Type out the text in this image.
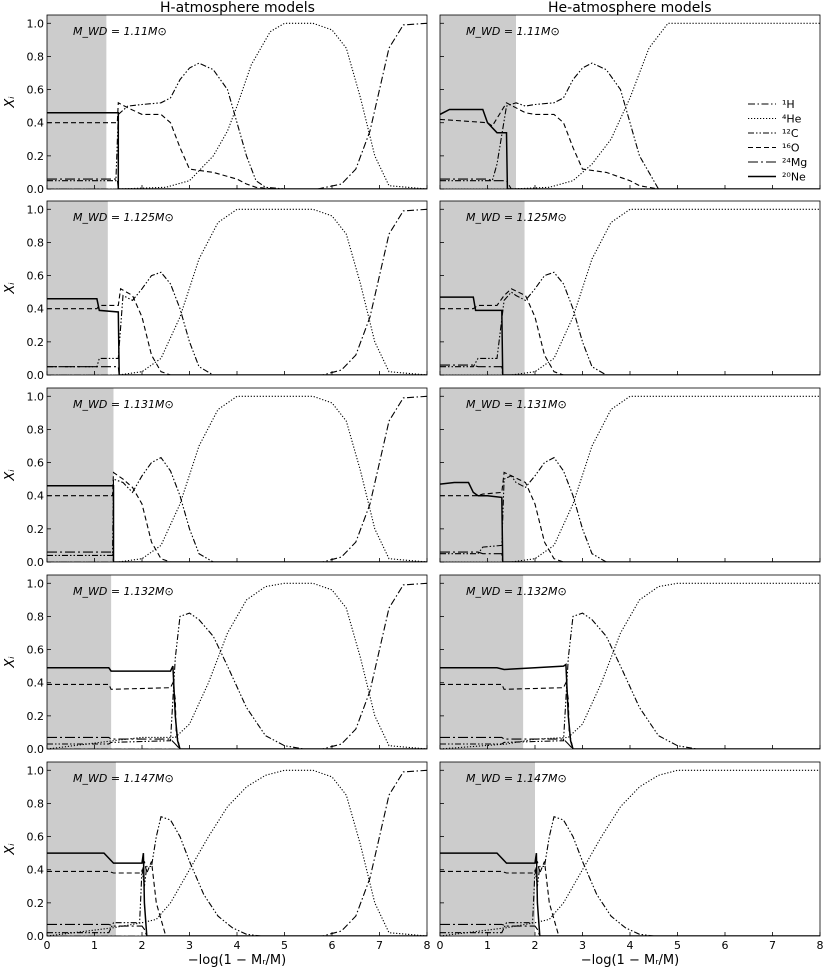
H-atmosphere models	He-atmosphere models
M_WD = 1.11M⊙
0.0
0.2
0.4
0.6
0.8
1.0
Xᵢ
M_WD = 1.11M⊙
M_WD = 1.125M⊙
0.0
0.2
0.4
0.6
0.8
1.0
Xᵢ
M_WD = 1.125M⊙
M_WD = 1.131M⊙
0.0
0.2
0.4
0.6
0.8
1.0
Xᵢ
M_WD = 1.131M⊙
M_WD = 1.132M⊙
0.0
0.2
0.4
0.6
0.8
1.0
Xᵢ
M_WD = 1.132M⊙
M_WD = 1.147M⊙
0.0
0.2
0.4
0.6
0.8
1.0
Xᵢ
0	1	2	3	4	5	6	7	8
−log(1 − Mᵣ/M)
M_WD = 1.147M⊙
0	1	2	3	4	5	6	7	8
−log(1 − Mᵣ/M)
¹H
⁴He
¹²C
¹⁶O
²⁴Mg
²⁰Ne
